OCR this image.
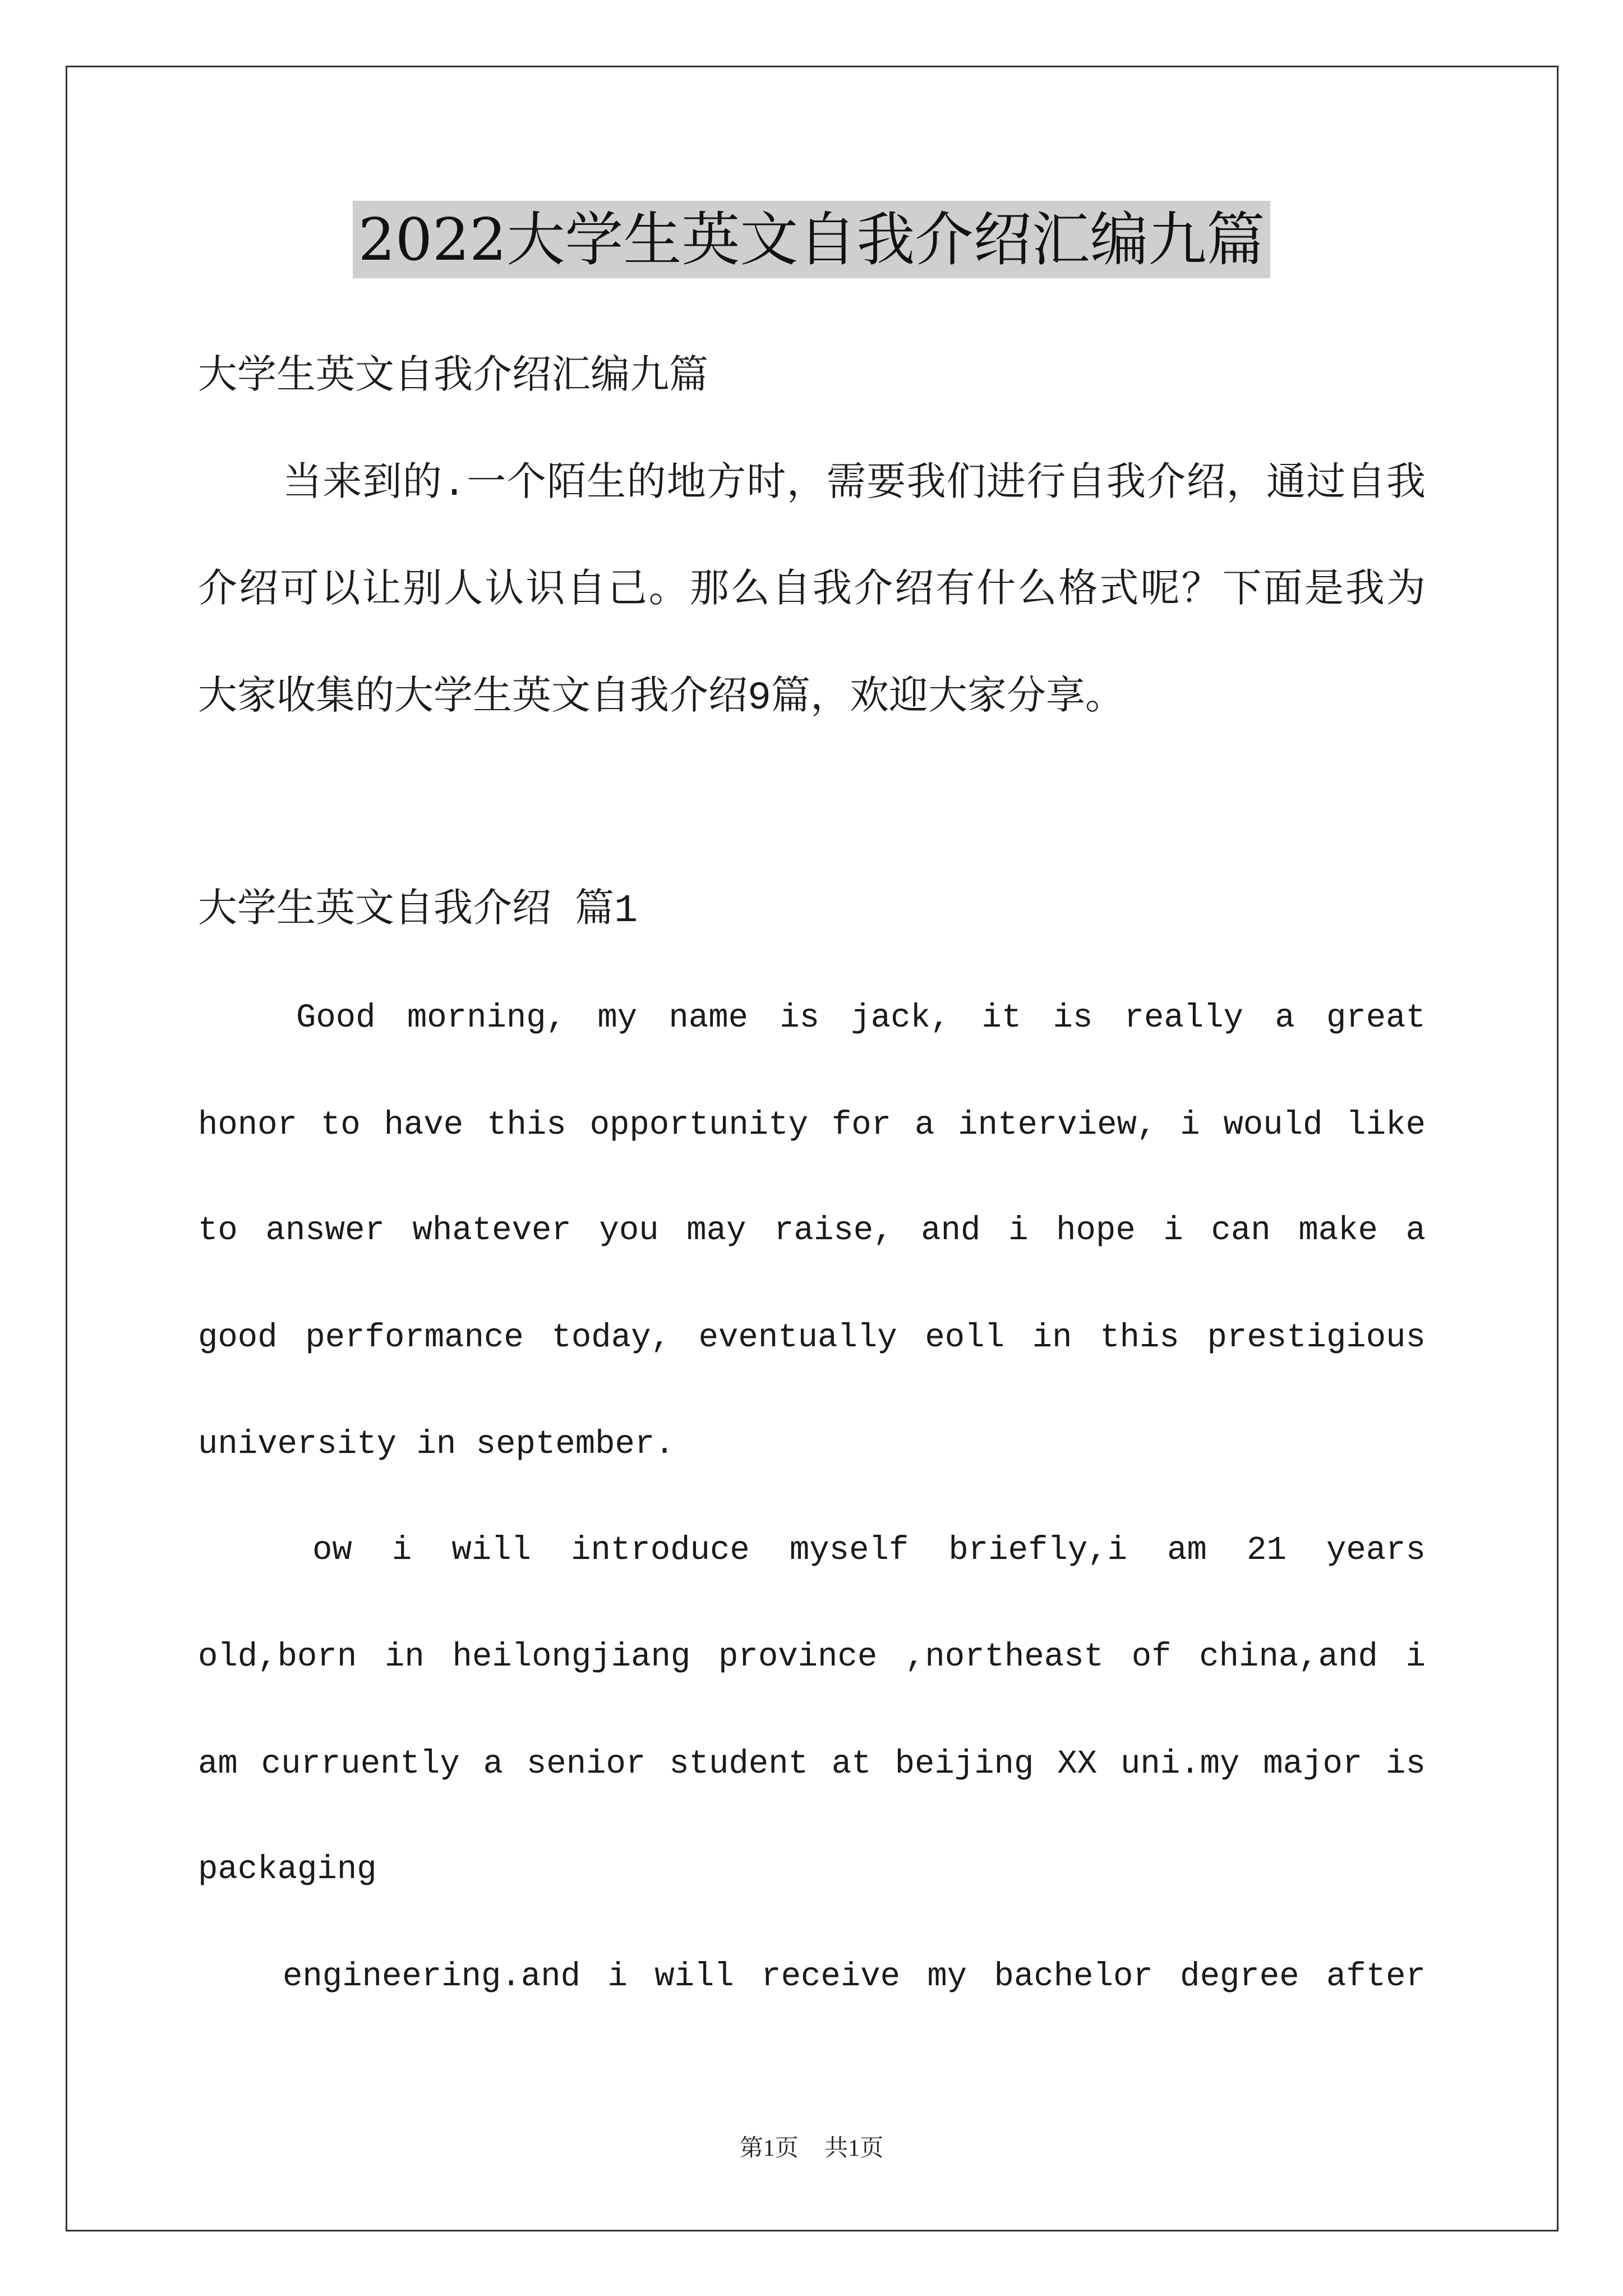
2022大学生英文自我介绍汇编九篇
大学生英文自我介绍汇编九篇
当来到的.一个陌生的地方时，需要我们进行自我介绍，通过自我
介绍可以让别人认识自己。那么自我介绍有什么格式呢？下面是我为
大家收集的大学生英文自我介绍9篇，欢迎大家分享。
大学生英文自我介绍 篇1
Good morning, my name is jack, it is really a great
honor to have this opportunity for a interview, i would like
to answer whatever you may raise, and i hope i can make a
good performance today, eventually eoll in this prestigious
university in september.
ow i will introduce myself briefly,i am 21 years
old,born in heilongjiang province ,northeast of china,and i
am curruently a senior student at beijing XX uni.my major is
packaging
engineering.and i will receive my bachelor degree after
第1页 共1页
